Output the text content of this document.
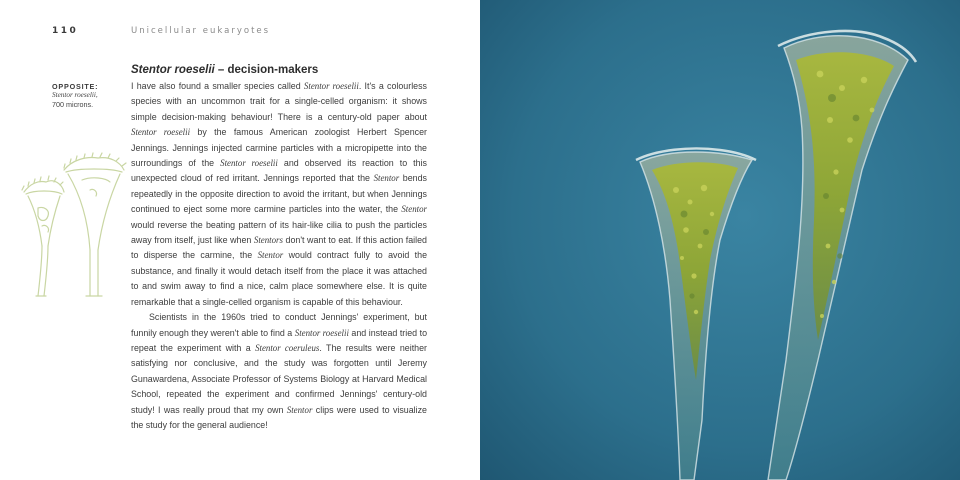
110	Unicellular eukaryotes
OPPOSITE:
Stentor roeselii,
700 microns.
Stentor roeselii – decision-makers

I have also found a smaller species called Stentor roeselii. It's a colourless species with an uncommon trait for a single-celled organism: it shows simple decision-making behaviour! There is a century-old paper about Stentor roeselii by the famous American zoologist Herbert Spencer Jennings. Jennings injected carmine particles with a micropipette into the surroundings of the Stentor roeselii and observed its reaction to this unexpected cloud of red irritant. Jennings reported that the Stentor bends repeatedly in the opposite direction to avoid the irritant, but when Jennings continued to eject some more carmine particles into the water, the Stentor would reverse the beating pattern of its hair-like cilia to push the particles away from itself, just like when Stentors don't want to eat. If this action failed to disperse the carmine, the Stentor would contract fully to avoid the substance, and finally it would detach itself from the place it was attached to and swim away to find a nice, calm place somewhere else. It is quite remarkable that a single-celled organism is capable of this behaviour.

Scientists in the 1960s tried to conduct Jennings' experiment, but funnily enough they weren't able to find a Stentor roeselii and instead tried to repeat the experiment with a Stentor coeruleus. The results were neither satisfying nor conclusive, and the study was forgotten until Jeremy Gunawardena, Associate Professor of Systems Biology at Harvard Medical School, repeated the experiment and confirmed Jennings' century-old study! I was really proud that my own Stentor clips were used to visualize the study for the general audience!
